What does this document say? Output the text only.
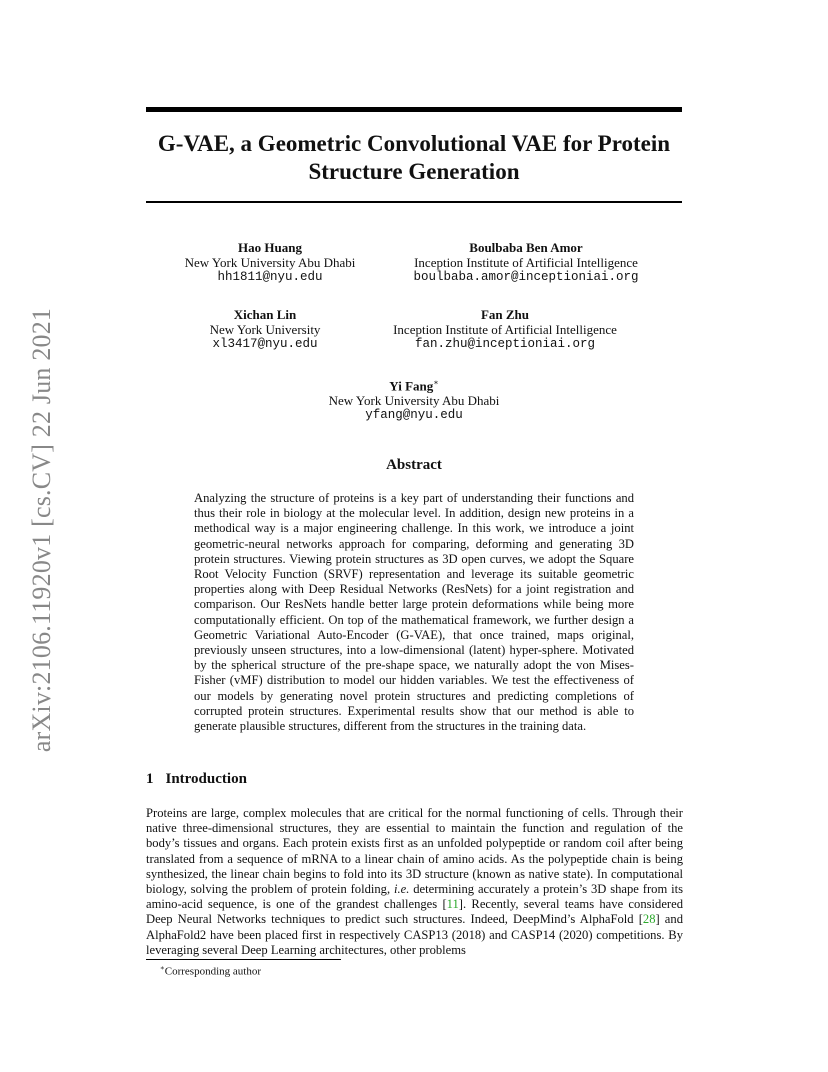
arXiv:2106.11920v1 [cs.CV] 22 Jun 2021
G-VAE, a Geometric Convolutional VAE for Protein
Structure Generation
Hao Huang
New York University Abu Dhabi
hh1811@nyu.edu
Boulbaba Ben Amor
Inception Institute of Artificial Intelligence
boulbaba.amor@inceptioniai.org
Xichan Lin
New York University
xl3417@nyu.edu
Fan Zhu
Inception Institute of Artificial Intelligence
fan.zhu@inceptioniai.org
Yi Fang∗
New York University Abu Dhabi
yfang@nyu.edu
Abstract
Analyzing the structure of proteins is a key part of understanding their functions and thus their role in biology at the molecular level. In addition, design new proteins in a methodical way is a major engineering challenge. In this work, we introduce a joint geometric-neural networks approach for comparing, deforming and generating 3D protein structures. Viewing protein structures as 3D open curves, we adopt the Square Root Velocity Function (SRVF) representation and leverage its suitable geometric properties along with Deep Residual Networks (ResNets) for a joint registration and comparison. Our ResNets handle better large protein deformations while being more computationally efficient. On top of the mathematical framework, we further design a Geometric Variational Auto-Encoder (G-VAE), that once trained, maps original, previously unseen structures, into a low-dimensional (latent) hyper-sphere. Motivated by the spherical structure of the pre-shape space, we naturally adopt the von Mises-Fisher (vMF) distribution to model our hidden variables. We test the effectiveness of our models by generating novel protein structures and predicting completions of corrupted protein structures. Experimental results show that our method is able to generate plausible structures, different from the structures in the training data.
1 Introduction
Proteins are large, complex molecules that are critical for the normal functioning of cells. Through their native three-dimensional structures, they are essential to maintain the function and regulation of the body’s tissues and organs. Each protein exists first as an unfolded polypeptide or random coil after being translated from a sequence of mRNA to a linear chain of amino acids. As the polypeptide chain is being synthesized, the linear chain begins to fold into its 3D structure (known as native state). In computational biology, solving the problem of protein folding, i.e. determining accurately a protein’s 3D shape from its amino-acid sequence, is one of the grandest challenges [11]. Recently, several teams have considered Deep Neural Networks techniques to predict such structures. Indeed, DeepMind’s AlphaFold [28] and AlphaFold2 have been placed first in respectively CASP13 (2018) and CASP14 (2020) competitions. By leveraging several Deep Learning architectures, other problems
∗Corresponding author
